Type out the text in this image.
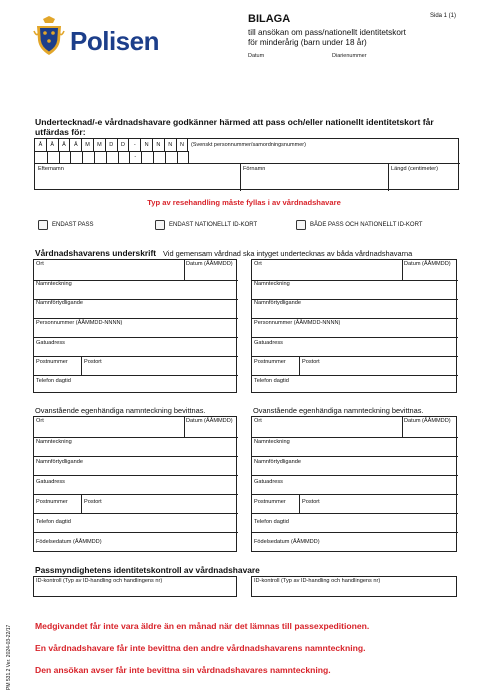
Polisen
BILAGA
till ansökan om pass/nationellt identitetskort
för minderårig (barn under 18 år)
Datum	Diarienummer
Sida 1 (1)
Undertecknad/-e vårdnadshavare godkänner härmed att pass och/eller nationellt identitetskort får utfärdas för:
Å	Å	Å	Å	M	M	D	D	-	N	N	N	N	(Svenskt personnummer/samordningsnummer)
-
Efternamn	Förnamn	Längd (centimeter)
Typ av resehandling måste fyllas i av vårdnadshavare
ENDAST PASS	ENDAST NATIONELLT ID-KORT	BÅDE PASS OCH NATIONELLT ID-KORT
Vårdnadshavarens underskrift Vid gemensam vårdnad ska intyget undertecknas av båda vårdnadshavarna
Ort	Datum (ÅÅMMDD)
Namnteckning
Namnförtydligande
Personnummer (ÅÅMMDD-NNNN)
Gatuadress
Postnummer	Postort
Telefon dagtid
Ort	Datum (ÅÅMMDD)
Namnteckning
Namnförtydligande
Personnummer (ÅÅMMDD-NNNN)
Gatuadress
Postnummer	Postort
Telefon dagtid
Ovanstående egenhändiga namnteckning bevittnas.	Ovanstående egenhändiga namnteckning bevittnas.
Ort	Datum (ÅÅMMDD)
Namnteckning
Namnförtydligande
Gatuadress
Postnummer	Postort
Telefon dagtid
Födelsedatum (ÅÅMMDD)
Ort	Datum (ÅÅMMDD)
Namnteckning
Namnförtydligande
Gatuadress
Postnummer	Postort
Telefon dagtid
Födelsedatum (ÅÅMMDD)
Passmyndighetens identitetskontroll av vårdnadshavare
ID-kontroll (Typ av ID-handling och handlingens nr)	ID-kontroll (Typ av ID-handling och handlingens nr)
Medgivandet får inte vara äldre än en månad när det lämnas till passexpeditionen.
En vårdnadshavare får inte bevittna den andre vårdnadshavarens namnteckning.
Den ansökan avser får inte bevittna sin vårdnadshavares namnteckning.
PM 531.2 Ver. 2024-03-22/17
